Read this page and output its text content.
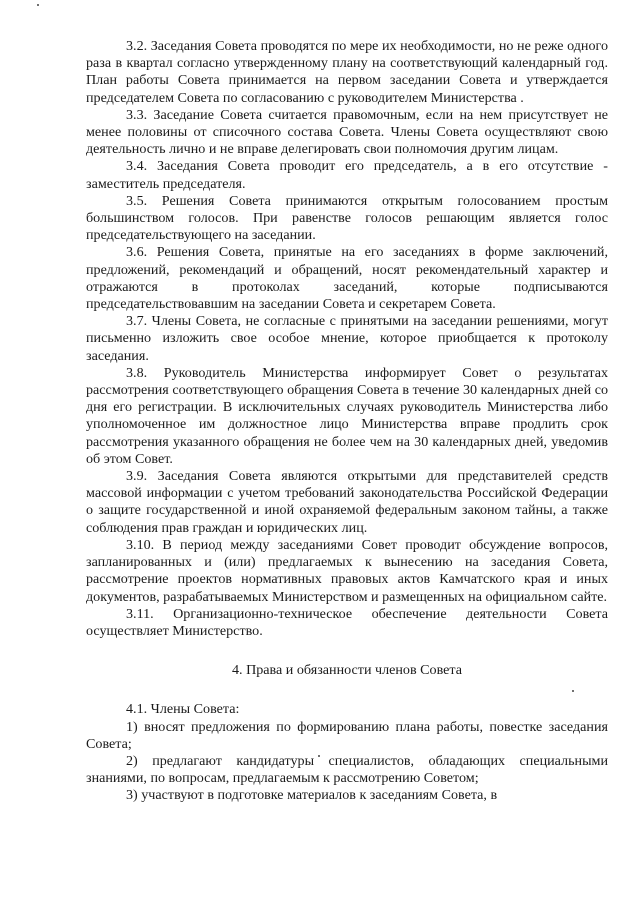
3.2. Заседания Совета проводятся по мере их необходимости, но не реже одного раза в квартал согласно утвержденному плану на соответствующий календарный год. План работы Совета принимается на первом заседании Совета и утверждается председателем Совета по согласованию с руководителем Министерства .

3.3. Заседание Совета считается правомочным, если на нем присутствует не менее половины от списочного состава Совета. Члены Совета осуществляют свою деятельность лично и не вправе делегировать свои полномочия другим лицам.

3.4. Заседания Совета проводит его председатель, а в его отсутствие - заместитель председателя.

3.5. Решения Совета принимаются открытым голосованием простым большинством голосов. При равенстве голосов решающим является голос председательствующего на заседании.

3.6. Решения Совета, принятые на его заседаниях в форме заключений, предложений, рекомендаций и обращений, носят рекомендательный характер и отражаются в протоколах заседаний, которые подписываются председательствовавшим на заседании Совета и секретарем Совета.

3.7. Члены Совета, не согласные с принятыми на заседании решениями, могут письменно изложить свое особое мнение, которое приобщается к протоколу заседания.

3.8. Руководитель Министерства информирует Совет о результатах рассмотрения соответствующего обращения Совета в течение 30 календарных дней со дня его регистрации. В исключительных случаях руководитель Министерства либо уполномоченное им должностное лицо Министерства вправе продлить срок рассмотрения указанного обращения не более чем на 30 календарных дней, уведомив об этом Совет.

3.9. Заседания Совета являются открытыми для представителей средств массовой информации с учетом требований законодательства Российской Федерации о защите государственной и иной охраняемой федеральным законом тайны, а также соблюдения прав граждан и юридических лиц.

3.10. В период между заседаниями Совет проводит обсуждение вопросов, запланированных и (или) предлагаемых к вынесению на заседания Совета, рассмотрение проектов нормативных правовых актов Камчатского края и иных документов, разрабатываемых Министерством и размещенных на официальном сайте.

3.11. Организационно-техническое обеспечение деятельности Совета осуществляет Министерство.

4. Права и обязанности членов Совета

4.1. Члены Совета:

1) вносят предложения по формированию плана работы, повестке заседания Совета;

2) предлагают кандидатуры специалистов, обладающих специальными знаниями, по вопросам, предлагаемым к рассмотрению Советом;

3) участвуют в подготовке материалов к заседаниям Совета, в
